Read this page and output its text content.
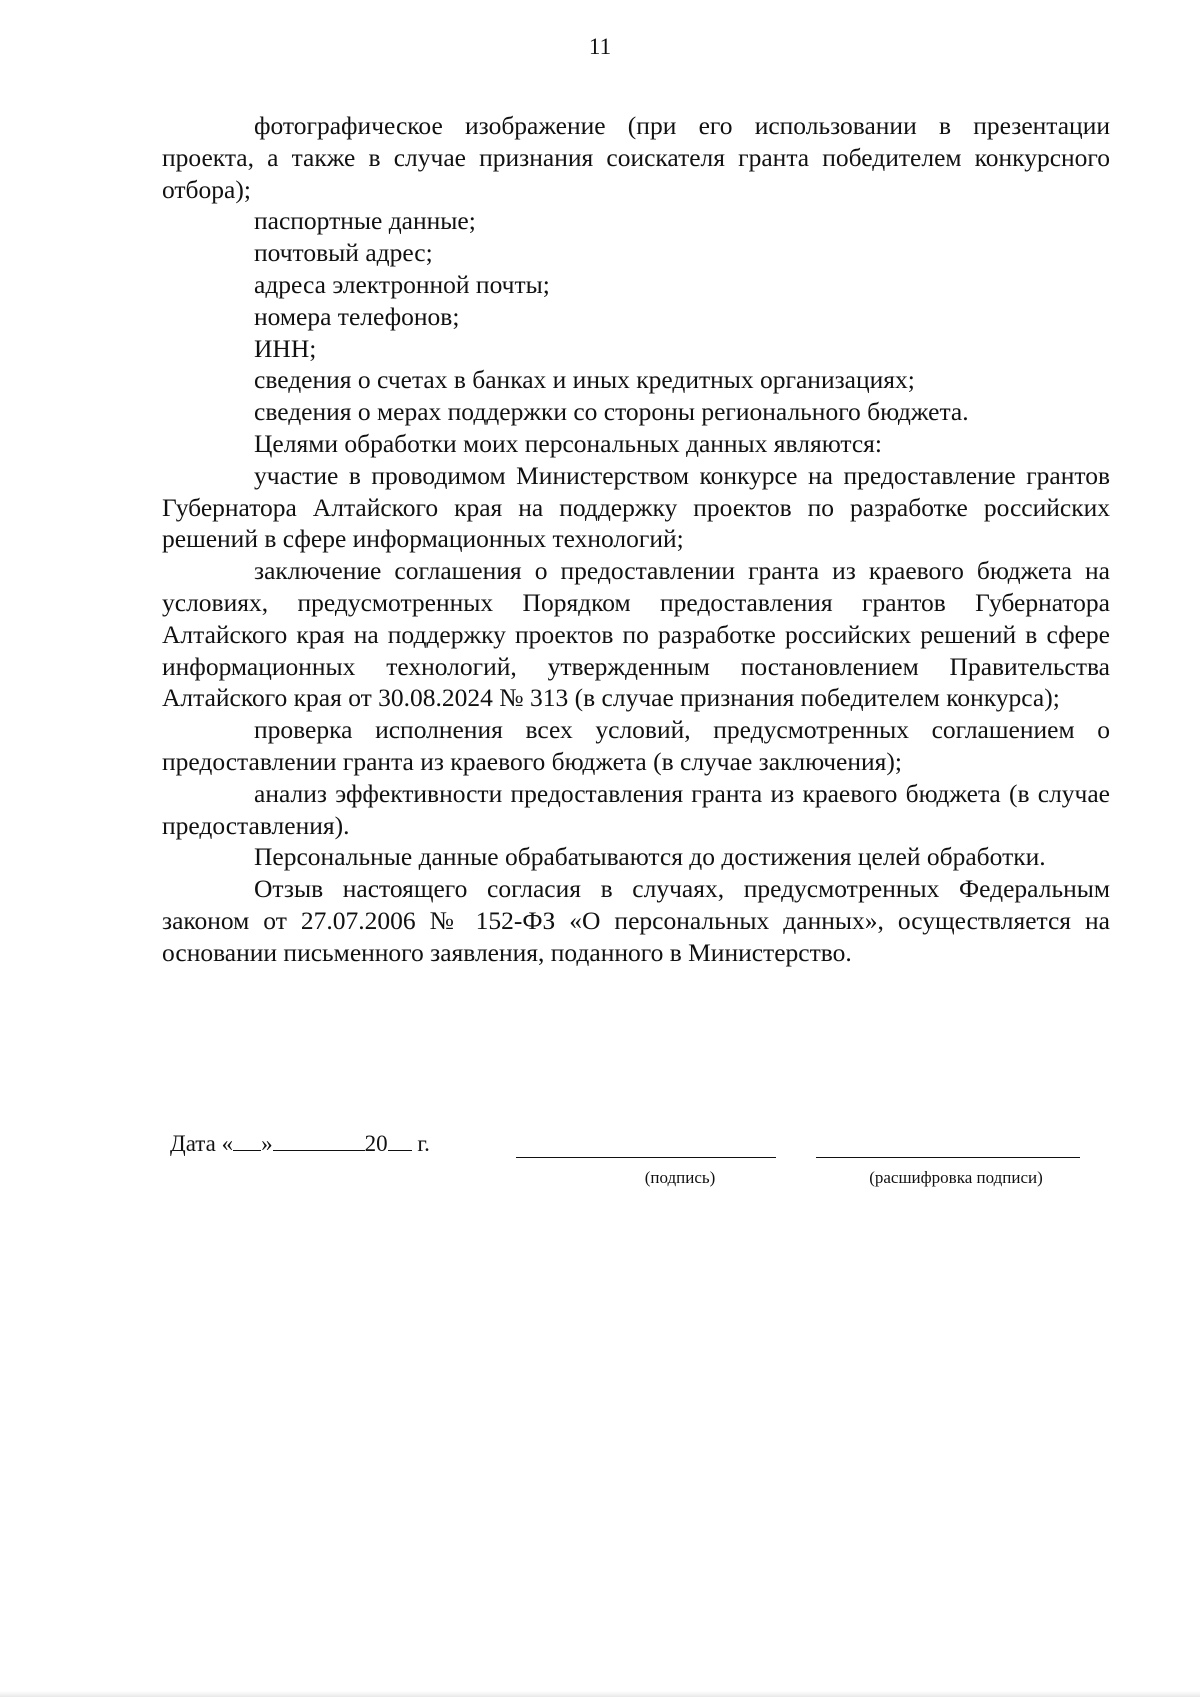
11

фотографическое изображение (при его использовании в презентации проекта, а также в случае признания соискателя гранта победителем конкурсного отбора);

паспортные данные;

почтовый адрес;

адреса электронной почты;

номера телефонов;

ИНН;

сведения о счетах в банках и иных кредитных организациях;

сведения о мерах поддержки со стороны регионального бюджета.

Целями обработки моих персональных данных являются:

участие в проводимом Министерством конкурсе на предоставление грантов Губернатора Алтайского края на поддержку проектов по разработке российских решений в сфере информационных технологий;

заключение соглашения о предоставлении гранта из краевого бюджета на условиях, предусмотренных Порядком предоставления грантов Губернатора Алтайского края на поддержку проектов по разработке российских решений в сфере информационных технологий, утвержденным постановлением Правительства Алтайского края от 30.08.2024 № 313 (в случае признания победителем конкурса);

проверка исполнения всех условий, предусмотренных соглашением о предоставлении гранта из краевого бюджета (в случае заключения);

анализ эффективности предоставления гранта из краевого бюджета (в случае предоставления).

Персональные данные обрабатываются до достижения целей обработки.

Отзыв настоящего согласия в случаях, предусмотренных Федеральным законом от 27.07.2006 № 152-ФЗ «О персональных данных», осуществляется на основании письменного заявления, поданного в Министерство.

Дата « »	20 г.
(подпись)	(расшифровка подписи)
